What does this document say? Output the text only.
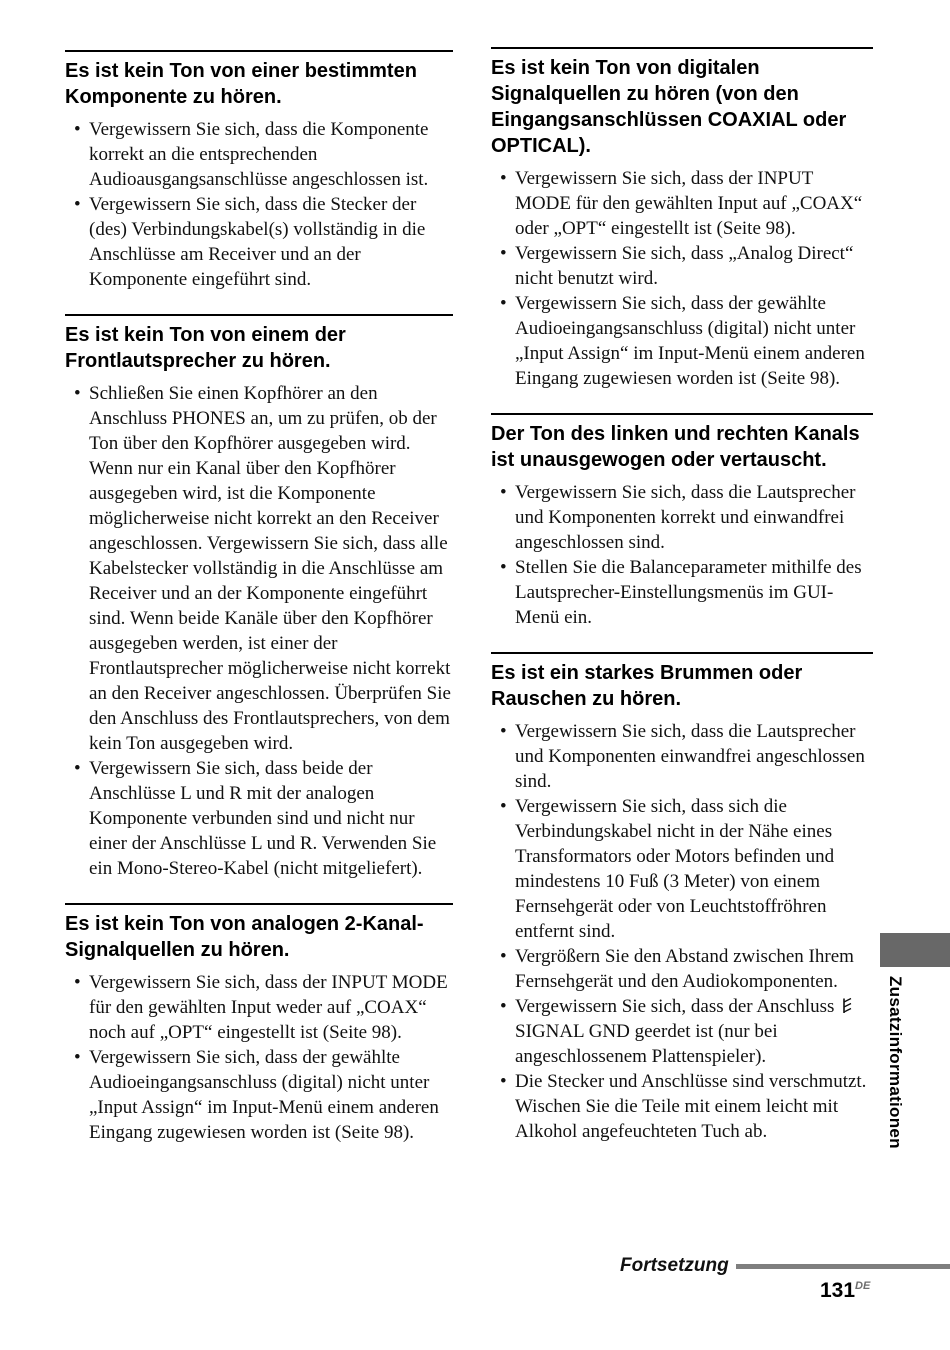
Es ist kein Ton von einer bestimmten Komponente zu hören.
• Vergewissern Sie sich, dass die Komponente korrekt an die entsprechenden Audioausgangsanschlüsse angeschlossen ist.
• Vergewissern Sie sich, dass die Stecker der (des) Verbindungskabel(s) vollständig in die Anschlüsse am Receiver und an der Komponente eingeführt sind.
Es ist kein Ton von einem der Frontlautsprecher zu hören.
• Schließen Sie einen Kopfhörer an den Anschluss PHONES an, um zu prüfen, ob der Ton über den Kopfhörer ausgegeben wird. Wenn nur ein Kanal über den Kopfhörer ausgegeben wird, ist die Komponente möglicherweise nicht korrekt an den Receiver angeschlossen. Vergewissern Sie sich, dass alle Kabelstecker vollständig in die Anschlüsse am Receiver und an der Komponente eingeführt sind. Wenn beide Kanäle über den Kopfhörer ausgegeben werden, ist einer der Frontlautsprecher möglicherweise nicht korrekt an den Receiver angeschlossen. Überprüfen Sie den Anschluss des Frontlautsprechers, von dem kein Ton ausgegeben wird.
• Vergewissern Sie sich, dass beide der Anschlüsse L und R mit der analogen Komponente verbunden sind und nicht nur einer der Anschlüsse L und R. Verwenden Sie ein Mono-Stereo-Kabel (nicht mitgeliefert).
Es ist kein Ton von analogen 2-Kanal-Signalquellen zu hören.
• Vergewissern Sie sich, dass der INPUT MODE für den gewählten Input weder auf „COAX“ noch auf „OPT“ eingestellt ist (Seite 98).
• Vergewissern Sie sich, dass der gewählte Audioeingangsanschluss (digital) nicht unter „Input Assign“ im Input-Menü einem anderen Eingang zugewiesen worden ist (Seite 98).
Es ist kein Ton von digitalen Signalquellen zu hören (von den Eingangsanschlüssen COAXIAL oder OPTICAL).
• Vergewissern Sie sich, dass der INPUT MODE für den gewählten Input auf „COAX“ oder „OPT“ eingestellt ist (Seite 98).
• Vergewissern Sie sich, dass „Analog Direct“ nicht benutzt wird.
• Vergewissern Sie sich, dass der gewählte Audioeingangsanschluss (digital) nicht unter „Input Assign“ im Input-Menü einem anderen Eingang zugewiesen worden ist (Seite 98).
Der Ton des linken und rechten Kanals ist unausgewogen oder vertauscht.
• Vergewissern Sie sich, dass die Lautsprecher und Komponenten korrekt und einwandfrei angeschlossen sind.
• Stellen Sie die Balanceparameter mithilfe des Lautsprecher-Einstellungsmenüs im GUI-Menü ein.
Es ist ein starkes Brummen oder Rauschen zu hören.
• Vergewissern Sie sich, dass die Lautsprecher und Komponenten einwandfrei angeschlossen sind.
• Vergewissern Sie sich, dass sich die Verbindungskabel nicht in der Nähe eines Transformators oder Motors befinden und mindestens 10 Fuß (3 Meter) von einem Fernsehgerät oder von Leuchtstoffröhren entfernt sind.
• Vergrößern Sie den Abstand zwischen Ihrem Fernsehgerät und den Audiokomponenten.
• Vergewissern Sie sich, dass der Anschluss  SIGNAL GND geerdet ist (nur bei angeschlossenem Plattenspieler).
• Die Stecker und Anschlüsse sind verschmutzt. Wischen Sie die Teile mit einem leicht mit Alkohol angefeuchteten Tuch ab.	Zusatzinformationen
Fortsetzung
131DE
